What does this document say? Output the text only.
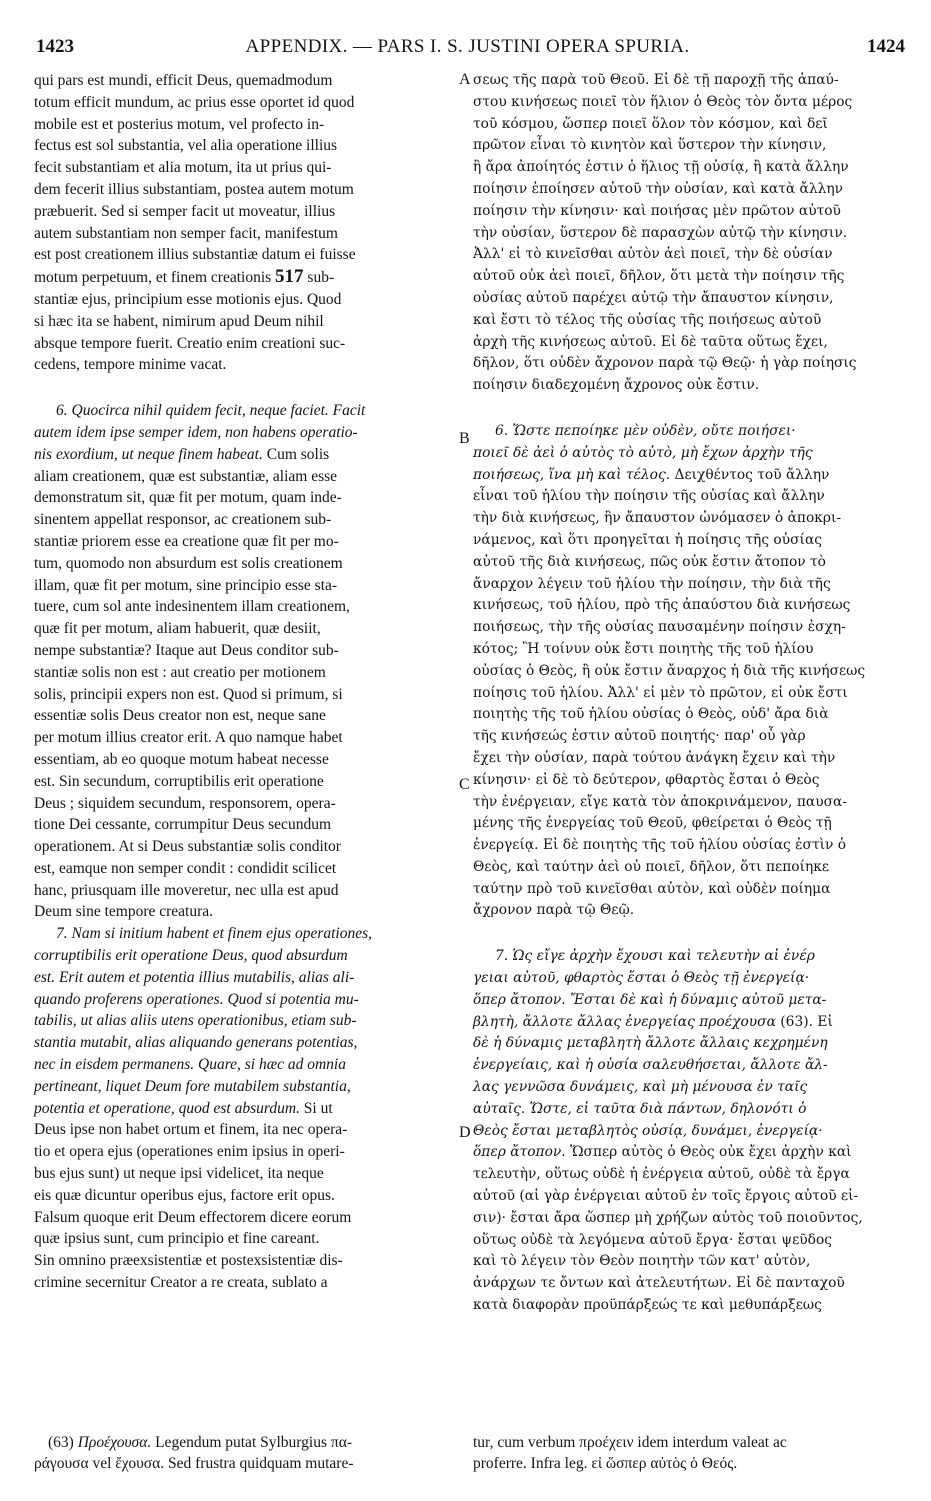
1423	APPENDIX. — PARS I. S. JUSTINI OPERA SPURIA.	1424
A
B
C
D
qui pars est mundi, efficit Deus, quemadmodum
totum efficit mundum, ac prius esse oportet id quod
mobile est et posterius motum, vel profecto in-
fectus est sol substantia, vel alia operatione illius
fecit substantiam et alia motum, ita ut prius qui-
dem fecerit illius substantiam, postea autem motum
præbuerit. Sed si semper facit ut moveatur, illius
autem substantiam non semper facit, manifestum
est post creationem illius substantiæ datum ei fuisse
motum perpetuum, et finem creationis 517 sub-
stantiæ ejus, principium esse motionis ejus. Quod
si hæc ita se habent, nimirum apud Deum nihil
absque tempore fuerit. Creatio enim creationi suc-
cedens, tempore minime vacat.
6. Quocirca nihil quidem fecit, neque faciet. Facit
autem idem ipse semper idem, non habens operatio-
nis exordium, ut neque finem habeat. Cum solis
aliam creationem, quæ est substantiæ, aliam esse
demonstratum sit, quæ fit per motum, quam inde-
sinentem appellat responsor, ac creationem sub-
stantiæ priorem esse ea creatione quæ fit per mo-
tum, quomodo non absurdum est solis creationem
illam, quæ fit per motum, sine principio esse sta-
tuere, cum sol ante indesinentem illam creationem,
quæ fit per motum, aliam habuerit, quæ desiit,
nempe substantiæ? Itaque aut Deus conditor sub-
stantiæ solis non est : aut creatio per motionem
solis, principii expers non est. Quod si primum, si
essentiæ solis Deus creator non est, neque sane
per motum illius creator erit. A quo namque habet
essentiam, ab eo quoque motum habeat necesse
est. Sin secundum, corruptibilis erit operatione
Deus ; siquidem secundum, responsorem, opera-
tione Dei cessante, corrumpitur Deus secundum
operationem. At si Deus substantiæ solis conditor
est, eamque non semper condit : condidit scilicet
hanc, priusquam ille moveretur, nec ulla est apud
Deum sine tempore creatura.
7. Nam si initium habent et finem ejus operationes,
corruptibilis erit operatione Deus, quod absurdum
est. Erit autem et potentia illius mutabilis, alias ali-
quando proferens operationes. Quod si potentia mu-
tabilis, ut alias aliis utens operationibus, etiam sub-
stantia mutabit, alias aliquando generans potentias,
nec in eisdem permanens. Quare, si hæc ad omnia
pertineant, liquet Deum fore mutabilem substantia,
potentia et operatione, quod est absurdum. Si ut
Deus ipse non habet ortum et finem, ita nec opera-
tio et opera ejus (operationes enim ipsius in operi-
bus ejus sunt) ut neque ipsi videlicet, ita neque
eis quæ dicuntur operibus ejus, factore erit opus.
Falsum quoque erit Deum effectorem dicere eorum
quæ ipsius sunt, cum principio et fine careant.
Sin omnino præexsistentiæ et postexsistentiæ dis-
crimine secernitur Creator a re creata, sublato a
σεως τῆς παρὰ τοῦ Θεοῦ. Εἰ δὲ τῇ παροχῇ τῆς ἀπαύ-
στου κινήσεως ποιεῖ τὸν ἥλιον ὁ Θεὸς τὸν ὄντα μέρος
τοῦ κόσμου, ὥσπερ ποιεῖ ὅλον τὸν κόσμον, καὶ δεῖ
πρῶτον εἶναι τὸ κινητὸν καὶ ὕστερον τὴν κίνησιν,
ἢ ἄρα ἀποίητός ἐστιν ὁ ἥλιος τῇ οὐσίᾳ, ἢ κατὰ ἄλλην
ποίησιν ἐποίησεν αὐτοῦ τὴν οὐσίαν, καὶ κατὰ ἄλλην
ποίησιν τὴν κίνησιν· καὶ ποιήσας μὲν πρῶτον αὐτοῦ
τὴν οὐσίαν, ὕστερον δὲ παρασχὼν αὐτῷ τὴν κίνησιν.
Ἀλλ' εἰ τὸ κινεῖσθαι αὐτὸν ἀεὶ ποιεῖ, τὴν δὲ οὐσίαν
αὐτοῦ οὐκ ἀεὶ ποιεῖ, δῆλον, ὅτι μετὰ τὴν ποίησιν τῆς
οὐσίας αὐτοῦ παρέχει αὐτῷ τὴν ἄπαυστον κίνησιν,
καὶ ἔστι τὸ τέλος τῆς οὐσίας τῆς ποιήσεως αὐτοῦ
ἀρχὴ τῆς κινήσεως αὐτοῦ. Εἰ δὲ ταῦτα οὕτως ἔχει,
δῆλον, ὅτι οὐδὲν ἄχρονον παρὰ τῷ Θεῷ· ἡ γὰρ ποίησις
ποίησιν διαδεχομένη ἄχρονος οὐκ ἔστιν.
6. Ὥστε πεποίηκε μὲν οὐδὲν, οὔτε ποιήσει·
ποιεῖ δὲ ἀεὶ ὁ αὐτὸς τὸ αὐτὸ, μὴ ἔχων ἀρχὴν τῆς
ποιήσεως, ἵνα μὴ καὶ τέλος. Δειχθέντος τοῦ ἄλλην
εἶναι τοῦ ἡλίου τὴν ποίησιν τῆς οὐσίας καὶ ἄλλην
τὴν διὰ κινήσεως, ἣν ἄπαυστον ὠνόμασεν ὁ ἀποκρι-
νάμενος, καὶ ὅτι προηγεῖται ἡ ποίησις τῆς οὐσίας
αὐτοῦ τῆς διὰ κινήσεως, πῶς οὐκ ἔστιν ἄτοπον τὸ
ἄναρχον λέγειν τοῦ ἡλίου τὴν ποίησιν, τὴν διὰ τῆς
κινήσεως, τοῦ ἡλίου, πρὸ τῆς ἀπαύστου διὰ κινήσεως
ποιήσεως, τὴν τῆς οὐσίας παυσαμένην ποίησιν ἐσχη-
κότος; Ἢ τοίνυν οὐκ ἔστι ποιητὴς τῆς τοῦ ἡλίου
οὐσίας ὁ Θεὸς, ἢ οὐκ ἔστιν ἄναρχος ἡ διὰ τῆς κινήσεως
ποίησις τοῦ ἡλίου. Ἀλλ' εἰ μὲν τὸ πρῶτον, εἰ οὐκ ἔστι
ποιητὴς τῆς τοῦ ἡλίου οὐσίας ὁ Θεὸς, οὐδ' ἄρα διὰ
τῆς κινήσεώς ἐστιν αὐτοῦ ποιητής· παρ' οὗ γὰρ
ἔχει τὴν οὐσίαν, παρὰ τούτου ἀνάγκη ἔχειν καὶ τὴν
κίνησιν· εἰ δὲ τὸ δεύτερον, φθαρτὸς ἔσται ὁ Θεὸς
τὴν ἐνέργειαν, εἴγε κατὰ τὸν ἀποκρινάμενον, παυσα-
μένης τῆς ἐνεργείας τοῦ Θεοῦ, φθείρεται ὁ Θεὸς τῇ
ἐνεργείᾳ. Εἰ δὲ ποιητὴς τῆς τοῦ ἡλίου οὐσίας ἐστὶν ὁ
Θεὸς, καὶ ταύτην ἀεὶ οὐ ποιεῖ, δῆλον, ὅτι πεποίηκε
ταύτην πρὸ τοῦ κινεῖσθαι αὐτὸν, καὶ οὐδὲν ποίημα
ἄχρονον παρὰ τῷ Θεῷ.
7. Ὡς εἴγε ἀρχὴν ἔχουσι καὶ τελευτὴν αἱ ἐνέρ
γειαι αὐτοῦ, φθαρτὸς ἔσται ὁ Θεὸς τῇ ἐνεργείᾳ·
ὅπερ ἄτοπον. Ἔσται δὲ καὶ ἡ δύναμις αὐτοῦ μετα-
βλητὴ, ἄλλοτε ἄλλας ἐνεργείας προέχουσα (63). Εἰ
δὲ ἡ δύναμις μεταβλητὴ ἄλλοτε ἄλλαις κεχρημένη
ἐνεργείαις, καὶ ἡ οὐσία σαλευθήσεται, ἄλλοτε ἄλ-
λας γεννῶσα δυνάμεις, καὶ μὴ μένουσα ἐν ταῖς
αὐταῖς. Ὥστε, εἰ ταῦτα διὰ πάντων, δηλονότι ὁ
Θεὸς ἔσται μεταβλητὸς οὐσίᾳ, δυνάμει, ἐνεργείᾳ·
ὅπερ ἄτοπον. Ὥσπερ αὐτὸς ὁ Θεὸς οὐκ ἔχει ἀρχὴν καὶ
τελευτὴν, οὕτως οὐδὲ ἡ ἐνέργεια αὐτοῦ, οὐδὲ τὰ ἔργα
αὐτοῦ (αἱ γὰρ ἐνέργειαι αὐτοῦ ἐν τοῖς ἔργοις αὐτοῦ εἰ-
σιν)· ἔσται ἄρα ὥσπερ μὴ χρήζων αὐτὸς τοῦ ποιοῦντος,
οὕτως οὐδὲ τὰ λεγόμενα αὐτοῦ ἔργα· ἔσται ψεῦδος
καὶ τὸ λέγειν τὸν Θεὸν ποιητὴν τῶν κατ' αὐτὸν,
ἀνάρχων τε ὄντων καὶ ἀτελευτήτων. Εἰ δὲ πανταχοῦ
κατὰ διαφορὰν προϋπάρξεώς τε καὶ μεθυπάρξεως
(63) Προέχουσα. Legendum putat Sylburgius πα-
ράγουσα vel ἔχουσα. Sed frustra quidquam mutare-
tur, cum verbum προέχειν idem interdum valeat ac
proferre. Infra leg. εἰ ὥσπερ αὐτὸς ὁ Θεός.
